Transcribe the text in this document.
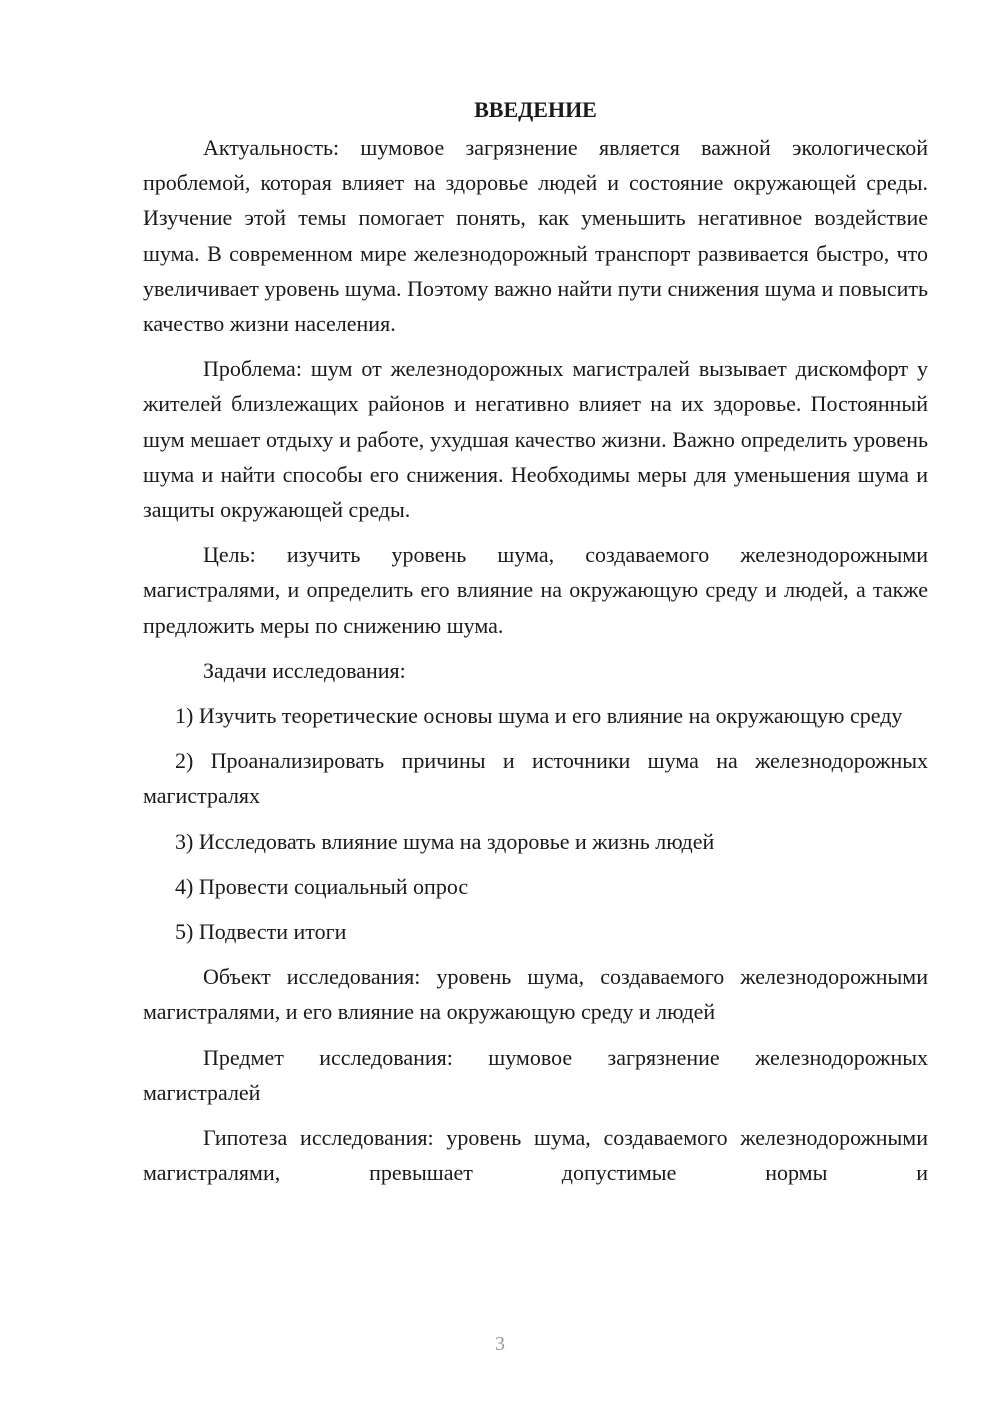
ВВЕДЕНИЕ

Актуальность: шумовое загрязнение является важной экологической проблемой, которая влияет на здоровье людей и состояние окружающей среды. Изучение этой темы помогает понять, как уменьшить негативное воздействие шума. В современном мире железнодорожный транспорт развивается быстро, что увеличивает уровень шума. Поэтому важно найти пути снижения шума и повысить качество жизни населения.

Проблема: шум от железнодорожных магистралей вызывает дискомфорт у жителей близлежащих районов и негативно влияет на их здоровье. Постоянный шум мешает отдыху и работе, ухудшая качество жизни. Важно определить уровень шума и найти способы его снижения. Необходимы меры для уменьшения шума и защиты окружающей среды.

Цель: изучить уровень шума, создаваемого железнодорожными магистралями, и определить его влияние на окружающую среду и людей, а также предложить меры по снижению шума.

Задачи исследования:

1) Изучить теоретические основы шума и его влияние на окружающую среду

2) Проанализировать причины и источники шума на железнодорожных магистралях

3) Исследовать влияние шума на здоровье и жизнь людей

4) Провести социальный опрос

5) Подвести итоги

Объект исследования: уровень шума, создаваемого железнодорожными магистралями, и его влияние на окружающую среду и людей

Предмет исследования: шумовое загрязнение железнодорожных магистралей

Гипотеза исследования: уровень шума, создаваемого железнодорожными магистралями, превышает допустимые нормы и

3
